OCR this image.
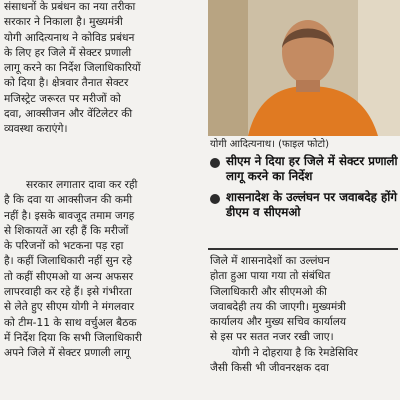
संसाधनों के प्रबंधन का नया तरीका
सरकार ने निकाला है। मुख्यमंत्री
योगी आदित्यनाथ ने कोविड प्रबंधन
के लिए हर जिले में सेक्टर प्रणाली
लागू करने का निर्देश जिलाधिकारियों
को दिया है। क्षेत्रवार तैनात सेक्टर
मजिस्ट्रेट जरूरत पर मरीजों को
दवा, आक्सीजन और वेंटिलेटर की
व्यवस्था कराएंगे।
योगी आदित्यनाथ। (फाइल फोटो)
सीएम ने दिया हर जिले में सेक्टर प्रणाली लागू करने का निर्देश
शासनादेश के उल्लंघन पर जवाबदेह होंगे डीएम व सीएमओ
सरकार लगातार दावा कर रही
है कि दवा या आक्सीजन की कमी
नहीं है। इसके बावजूद तमाम जगह
से शिकायतें आ रही हैं कि मरीजों
के परिजनों को भटकना पड़ रहा
है। कहीं जिलाधिकारी नहीं सुन रहे
तो कहीं सीएमओ या अन्य अफसर
लापरवाही कर रहे हैं। इसे गंभीरता
से लेते हुए सीएम योगी ने मंगलवार
को टीम-11 के साथ वर्चुअल बैठक
में निर्देश दिया कि सभी जिलाधिकारी
अपने जिले में सेक्टर प्रणाली लागू
जिले में शासनादेशों का उल्लंघन
होता हुआ पाया गया तो संबंधित
जिलाधिकारी और सीएमओ की
जवाबदेही तय की जाएगी। मुख्यमंत्री
कार्यालय और मुख्य सचिव कार्यालय
से इस पर सतत नजर रखी जाए।
योगी ने दोहराया है कि रेमडेसिविर
जैसी किसी भी जीवनरक्षक दवा
